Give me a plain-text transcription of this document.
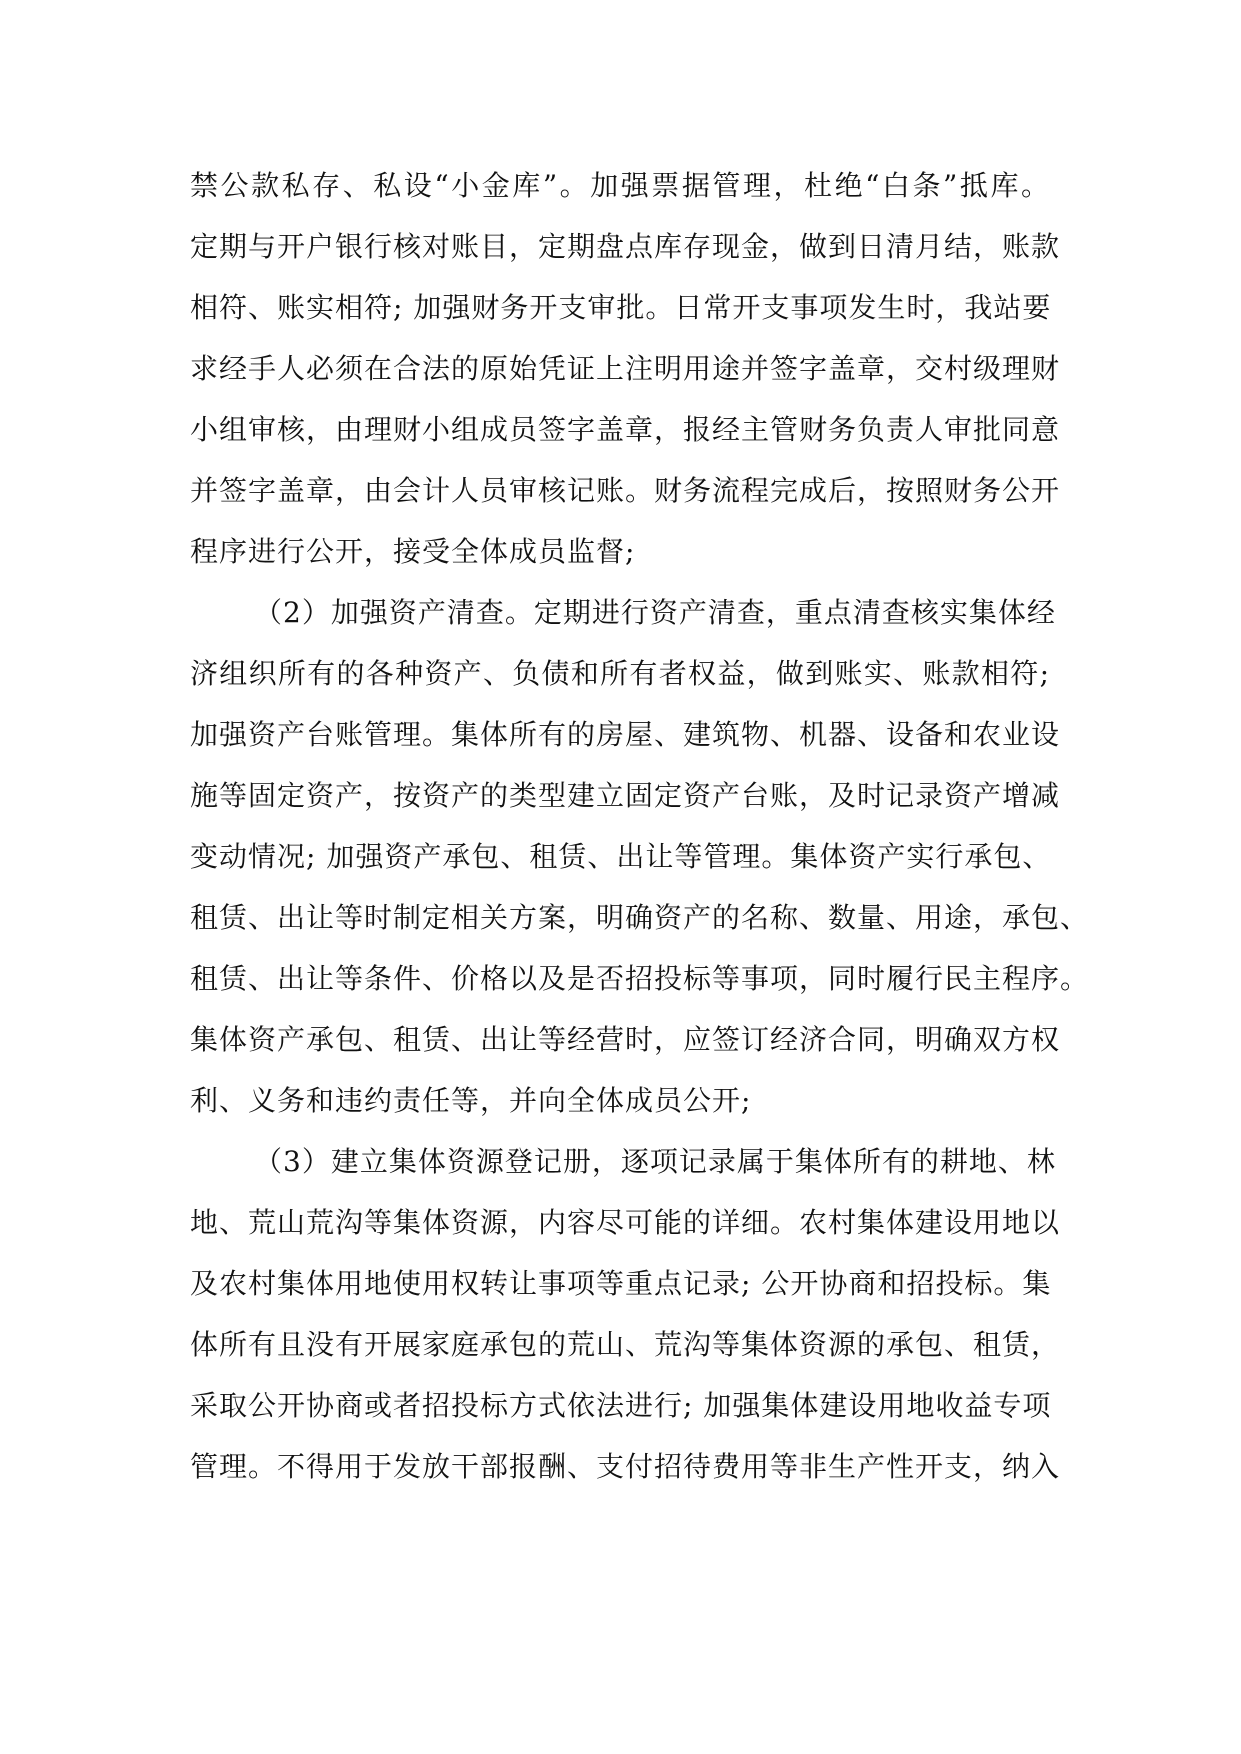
禁公款私存、私设“小金库”。加强票据管理，杜绝“白条”抵库。
定期与开户银行核对账目，定期盘点库存现金，做到日清月结，账款
相符、账实相符; 加强财务开支审批。日常开支事项发生时，我站要
求经手人必须在合法的原始凭证上注明用途并签字盖章，交村级理财
小组审核，由理财小组成员签字盖章，报经主管财务负责人审批同意
并签字盖章，由会计人员审核记账。财务流程完成后，按照财务公开
程序进行公开，接受全体成员监督;
（2）加强资产清查。定期进行资产清查，重点清查核实集体经
济组织所有的各种资产、负债和所有者权益，做到账实、账款相符;
加强资产台账管理。集体所有的房屋、建筑物、机器、设备和农业设
施等固定资产，按资产的类型建立固定资产台账，及时记录资产增减
变动情况; 加强资产承包、租赁、出让等管理。集体资产实行承包、
租赁、出让等时制定相关方案，明确资产的名称、数量、用途，承包、
租赁、出让等条件、价格以及是否招投标等事项，同时履行民主程序。
集体资产承包、租赁、出让等经营时，应签订经济合同，明确双方权
利、义务和违约责任等，并向全体成员公开;
（3）建立集体资源登记册，逐项记录属于集体所有的耕地、林
地、荒山荒沟等集体资源，内容尽可能的详细。农村集体建设用地以
及农村集体用地使用权转让事项等重点记录; 公开协商和招投标。集
体所有且没有开展家庭承包的荒山、荒沟等集体资源的承包、租赁，
采取公开协商或者招投标方式依法进行; 加强集体建设用地收益专项
管理。不得用于发放干部报酬、支付招待费用等非生产性开支，纳入
